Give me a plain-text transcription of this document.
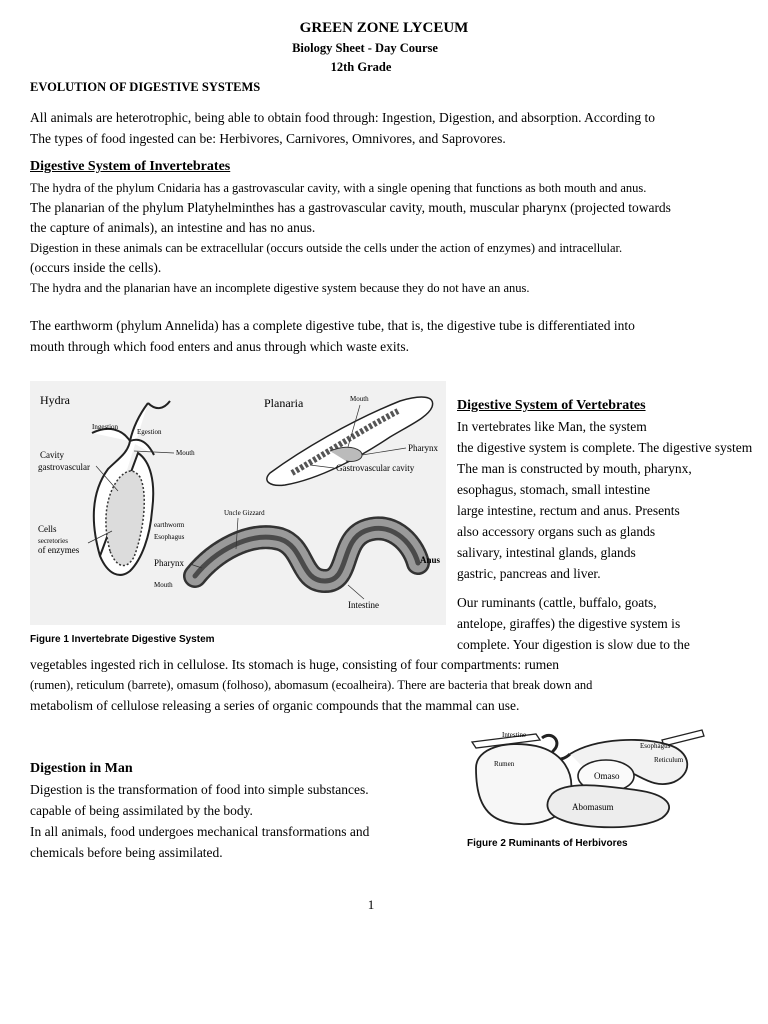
GREEN ZONE LYCEUM
Biology Sheet - Day Course
12th Grade
EVOLUTION OF DIGESTIVE SYSTEMS
All animals are heterotrophic, being able to obtain food through: Ingestion, Digestion, and absorption. According to
The types of food ingested can be: Herbivores, Carnivores, Omnivores, and Saprovores.
Digestive System of Invertebrates
The hydra of the phylum Cnidaria has a gastrovascular cavity, with a single opening that functions as both mouth and anus.
The planarian of the phylum Platyhelminthes has a gastrovascular cavity, mouth, muscular pharynx (projected towards
the capture of animals), an intestine and has no anus.
Digestion in these animals can be extracellular (occurs outside the cells under the action of enzymes) and intracellular.
(occurs inside the cells).
The hydra and the planarian have an incomplete digestive system because they do not have an anus.
The earthworm (phylum Annelida) has a complete digestive tube, that is, the digestive tube is differentiated into
mouth through which food enters and anus through which waste exits.
Hydra
Ingestion
Egestion
Mouth
Cavity
gastrovascular
Cells
secretories
of enzymes
Planaria	Mouth
Pharynx
Gastrovascular cavity
Uncle Gizzard
earthworm
Esophagus
Pharynx
Mouth
Anus
Intestine
Figure 1 Invertebrate Digestive System
Digestive System of Vertebrates
In vertebrates like Man, the system
the digestive system is complete. The digestive system
The man is constructed by mouth, pharynx,
esophagus, stomach, small intestine
large intestine, rectum and anus. Presents
also accessory organs such as glands
salivary, intestinal glands, glands
gastric, pancreas and liver.
Our ruminants (cattle, buffalo, goats,
antelope, giraffes) the digestive system is
complete. Your digestion is slow due to the
vegetables ingested rich in cellulose. Its stomach is huge, consisting of four compartments: rumen
(rumen), reticulum (barrete), omasum (folhoso), abomasum (ecoalheira). There are bacteria that break down and
metabolism of cellulose releasing a series of organic compounds that the mammal can use.
Intestine
Esophagus
Rumen	Reticulum
Omaso
Abomasum
Figure 2 Ruminants of Herbivores
Digestion in Man
Digestion is the transformation of food into simple substances.
capable of being assimilated by the body.
In all animals, food undergoes mechanical transformations and
chemicals before being assimilated.
1
